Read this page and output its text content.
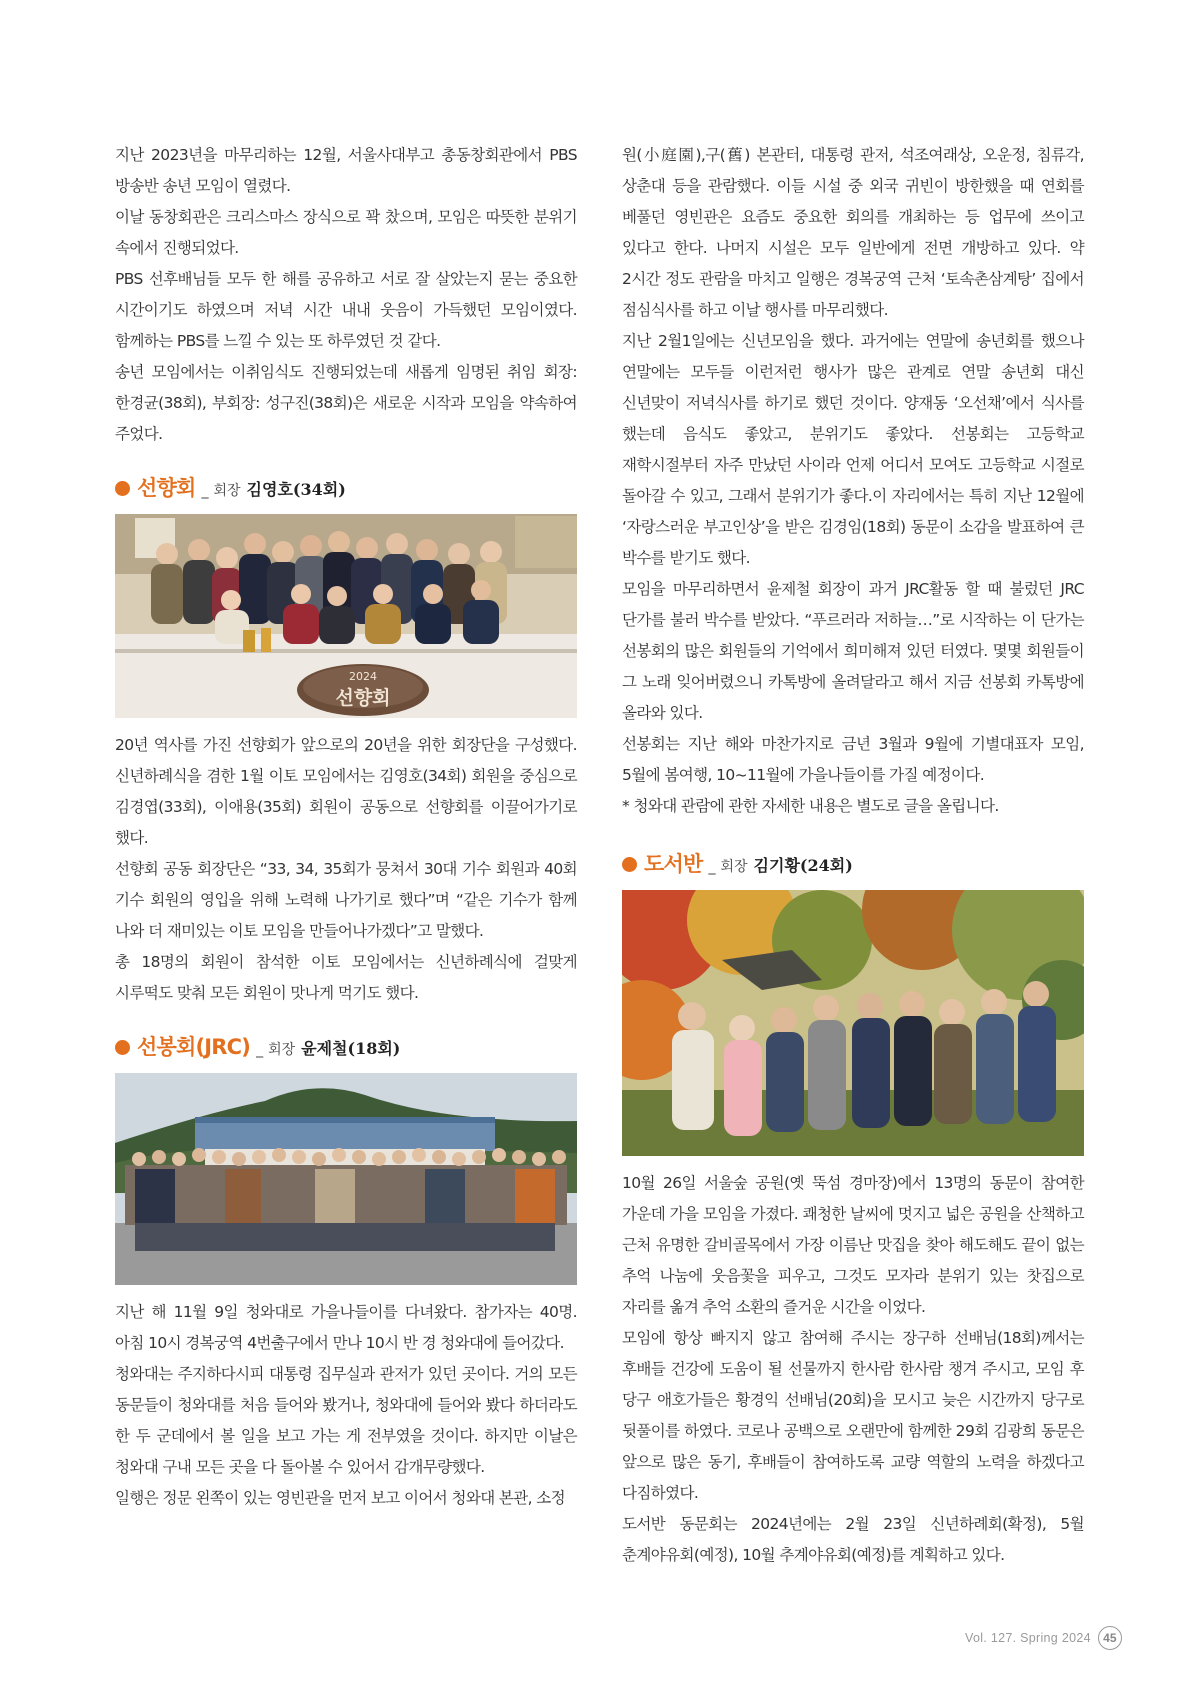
지난 2023년을 마무리하는 12월, 서울사대부고 총동창회관에서 PBS 방송반 송년 모임이 열렸다.

이날 동창회관은 크리스마스 장식으로 꽉 찼으며, 모임은 따뜻한 분위기 속에서 진행되었다.

PBS 선후배님들 모두 한 해를 공유하고 서로 잘 살았는지 묻는 중요한 시간이기도 하였으며 저녁 시간 내내 웃음이 가득했던 모임이였다. 함께하는 PBS를 느낄 수 있는 또 하루였던 것 같다.

송년 모임에서는 이취임식도 진행되었는데 새롭게 임명된 취임 회장: 한경균(38회), 부회장: 성구진(38회)은 새로운 시작과 모임을 약속하여 주었다.

선향회 _ 회장 김영호(34회)
2024
선향회

20년 역사를 가진 선향회가 앞으로의 20년을 위한 회장단을 구성했다. 신년하례식을 겸한 1월 이토 모임에서는 김영호(34회) 회원을 중심으로 김경엽(33회), 이애용(35회) 회원이 공동으로 선향회를 이끌어가기로 했다.

선향회 공동 회장단은 “33, 34, 35회가 뭉쳐서 30대 기수 회원과 40회 기수 회원의 영입을 위해 노력해 나가기로 했다”며 “같은 기수가 함께 나와 더 재미있는 이토 모임을 만들어나가겠다”고 말했다.

총 18명의 회원이 참석한 이토 모임에서는 신년하례식에 걸맞게 시루떡도 맞춰 모든 회원이 맛나게 먹기도 했다.

선봉회(JRC) _ 회장 윤제철(18회)

지난 해 11월 9일 청와대로 가을나들이를 다녀왔다. 참가자는 40명. 아침 10시 경복궁역 4번출구에서 만나 10시 반 경 청와대에 들어갔다.

청와대는 주지하다시피 대통령 집무실과 관저가 있던 곳이다. 거의 모든 동문들이 청와대를 처음 들어와 봤거나, 청와대에 들어와 봤다 하더라도 한 두 군데에서 볼 일을 보고 가는 게 전부였을 것이다. 하지만 이날은 청와대 구내 모든 곳을 다 돌아볼 수 있어서 감개무량했다.

일행은 정문 왼쪽이 있는 영빈관을 먼저 보고 이어서 청와대 본관, 소정

원(小庭園),구(舊) 본관터, 대통령 관저, 석조여래상, 오운정, 침류각, 상춘대 등을 관람했다. 이들 시설 중 외국 귀빈이 방한했을 때 연회를 베풀던 영빈관은 요즘도 중요한 회의를 개최하는 등 업무에 쓰이고 있다고 한다. 나머지 시설은 모두 일반에게 전면 개방하고 있다. 약 2시간 정도 관람을 마치고 일행은 경복궁역 근처 ‘토속촌삼계탕’ 집에서 점심식사를 하고 이날 행사를 마무리했다.

지난 2월1일에는 신년모임을 했다. 과거에는 연말에 송년회를 했으나 연말에는 모두들 이런저런 행사가 많은 관계로 연말 송년회 대신 신년맞이 저녁식사를 하기로 했던 것이다. 양재동 ‘오선채’에서 식사를 했는데 음식도 좋았고, 분위기도 좋았다. 선봉회는 고등학교 재학시절부터 자주 만났던 사이라 언제 어디서 모여도 고등학교 시절로 돌아갈 수 있고, 그래서 분위기가 좋다.이 자리에서는 특히 지난 12월에 ‘자랑스러운 부고인상’을 받은 김경임(18회) 동문이 소감을 발표하여 큰 박수를 받기도 했다.

모임을 마무리하면서 윤제철 회장이 과거 JRC활동 할 때 불렀던 JRC 단가를 불러 박수를 받았다. “푸르러라 저하늘…”로 시작하는 이 단가는 선봉회의 많은 회원들의 기억에서 희미해져 있던 터였다. 몇몇 회원들이 그 노래 잊어버렸으니 카톡방에 올려달라고 해서 지금 선봉회 카톡방에 올라와 있다.

선봉회는 지난 해와 마찬가지로 금년 3월과 9월에 기별대표자 모임, 5월에 봄여행, 10~11월에 가을나들이를 가질 예정이다.

* 청와대 관람에 관한 자세한 내용은 별도로 글을 올립니다.

도서반 _ 회장 김기황(24회)

10월 26일 서울숲 공원(옛 뚝섬 경마장)에서 13명의 동문이 참여한 가운데 가을 모임을 가졌다. 쾌청한 날씨에 멋지고 넓은 공원을 산책하고 근처 유명한 갈비골목에서 가장 이름난 맛집을 찾아 해도해도 끝이 없는 추억 나눔에 웃음꽃을 피우고, 그것도 모자라 분위기 있는 찻집으로 자리를 옮겨 추억 소환의 즐거운 시간을 이었다.

모임에 항상 빠지지 않고 참여해 주시는 장구하 선배님(18회)께서는 후배들 건강에 도움이 될 선물까지 한사람 한사람 챙겨 주시고, 모임 후 당구 애호가들은 황경익 선배님(20회)을 모시고 늦은 시간까지 당구로 뒷풀이를 하였다. 코로나 공백으로 오랜만에 함께한 29회 김광희 동문은 앞으로 많은 동기, 후배들이 참여하도록 교량 역할의 노력을 하겠다고 다짐하였다.

도서반 동문회는 2024년에는 2월 23일 신년하례회(확정), 5월 춘계야유회(예정), 10월 추계야유회(예정)를 계획하고 있다.

Vol. 127. Spring 2024	45
